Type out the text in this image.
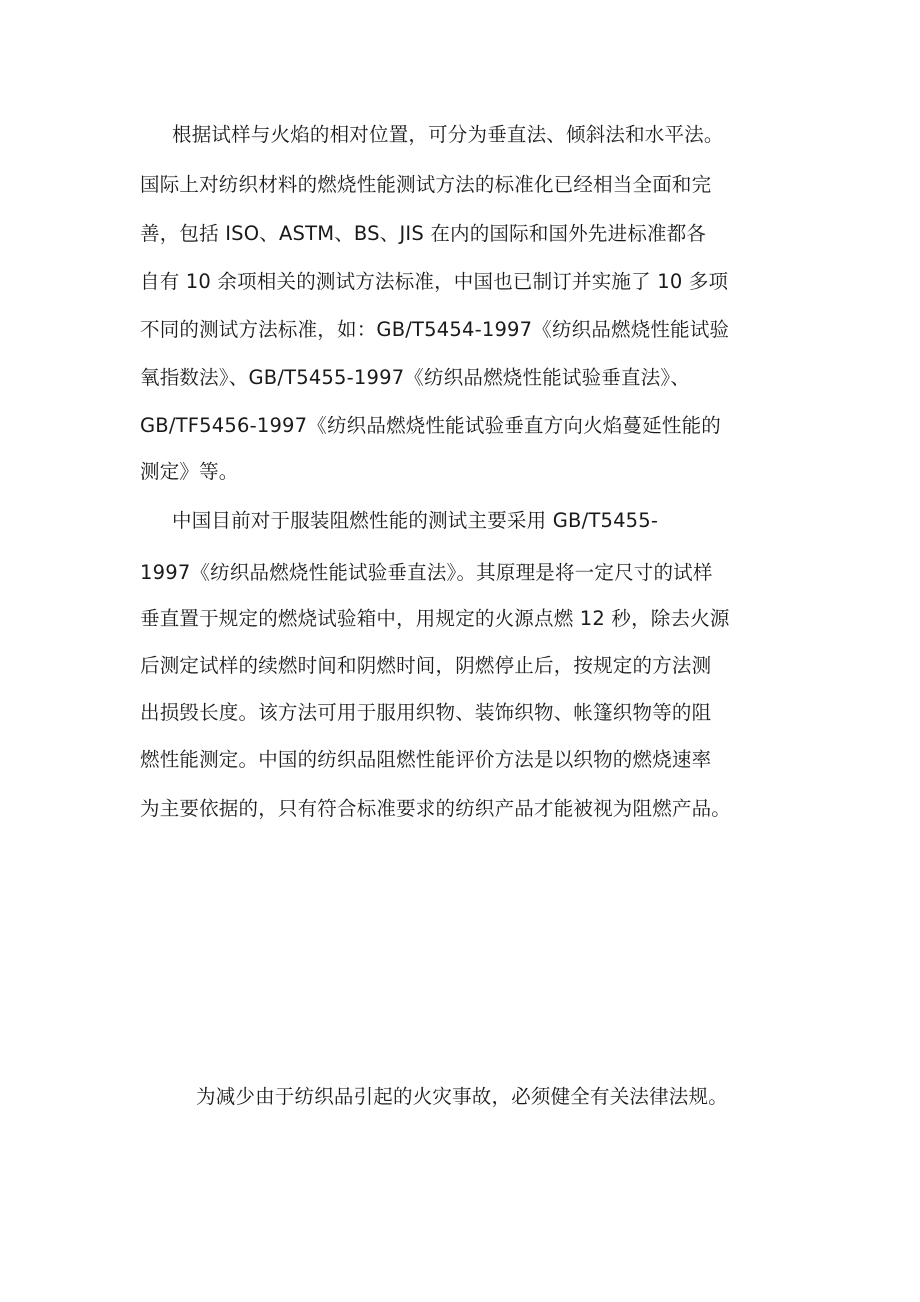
根据试样与火焰的相对位置，可分为垂直法、倾斜法和水平法。
国际上对纺织材料的燃烧性能测试方法的标准化已经相当全面和完
善，包括 ISO、ASTM、BS、JIS 在内的国际和国外先进标准都各
自有 10 余项相关的测试方法标准，中国也已制订并实施了 10 多项
不同的测试方法标准，如：GB/T5454-1997《纺织品燃烧性能试验
氧指数法》、GB/T5455-1997《纺织品燃烧性能试验垂直法》、
GB/TF5456-1997《纺织品燃烧性能试验垂直方向火焰蔓延性能的
测定》等。
中国目前对于服装阻燃性能的测试主要采用 GB/T5455-
1997《纺织品燃烧性能试验垂直法》。其原理是将一定尺寸的试样
垂直置于规定的燃烧试验箱中，用规定的火源点燃 12 秒，除去火源
后测定试样的续燃时间和阴燃时间，阴燃停止后，按规定的方法测
出损毁长度。该方法可用于服用织物、装饰织物、帐篷织物等的阻
燃性能测定。中国的纺织品阻燃性能评价方法是以织物的燃烧速率
为主要依据的，只有符合标准要求的纺织产品才能被视为阻燃产品。
为减少由于纺织品引起的火灾事故，必须健全有关法律法规。
